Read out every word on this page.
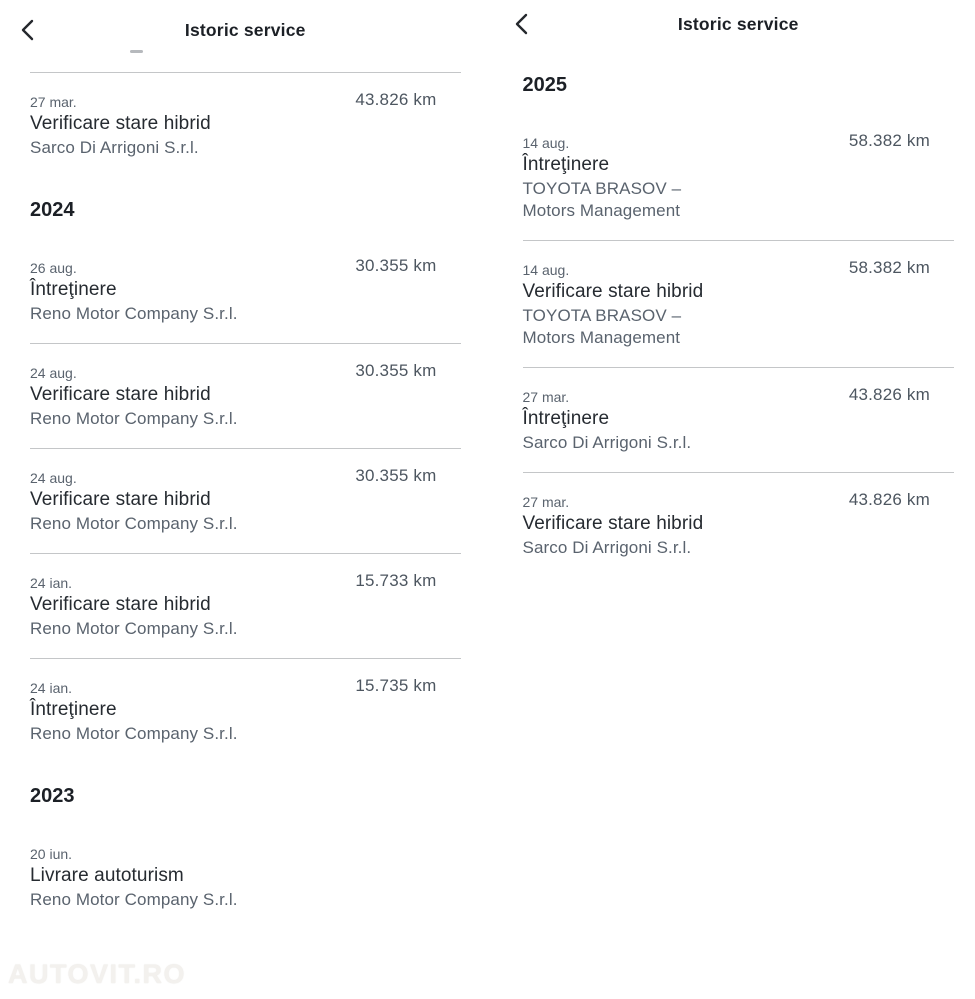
Istoric service
43.826 km
27 mar.
Verificare stare hibrid
Sarco Di Arrigoni S.r.l.
2024
30.355 km
26 aug.
Întreţinere
Reno Motor Company S.r.l.
30.355 km
24 aug.
Verificare stare hibrid
Reno Motor Company S.r.l.
30.355 km
24 aug.
Verificare stare hibrid
Reno Motor Company S.r.l.
15.733 km
24 ian.
Verificare stare hibrid
Reno Motor Company S.r.l.
15.735 km
24 ian.
Întreţinere
Reno Motor Company S.r.l.
2023
20 iun.
Livrare autoturism
Reno Motor Company S.r.l.
AUTOVIT.RO
Istoric service
2025
58.382 km
14 aug.
Întreţinere
TOYOTA BRASOV –
Motors Management
58.382 km
14 aug.
Verificare stare hibrid
TOYOTA BRASOV –
Motors Management
43.826 km
27 mar.
Întreţinere
Sarco Di Arrigoni S.r.l.
43.826 km
27 mar.
Verificare stare hibrid
Sarco Di Arrigoni S.r.l.
